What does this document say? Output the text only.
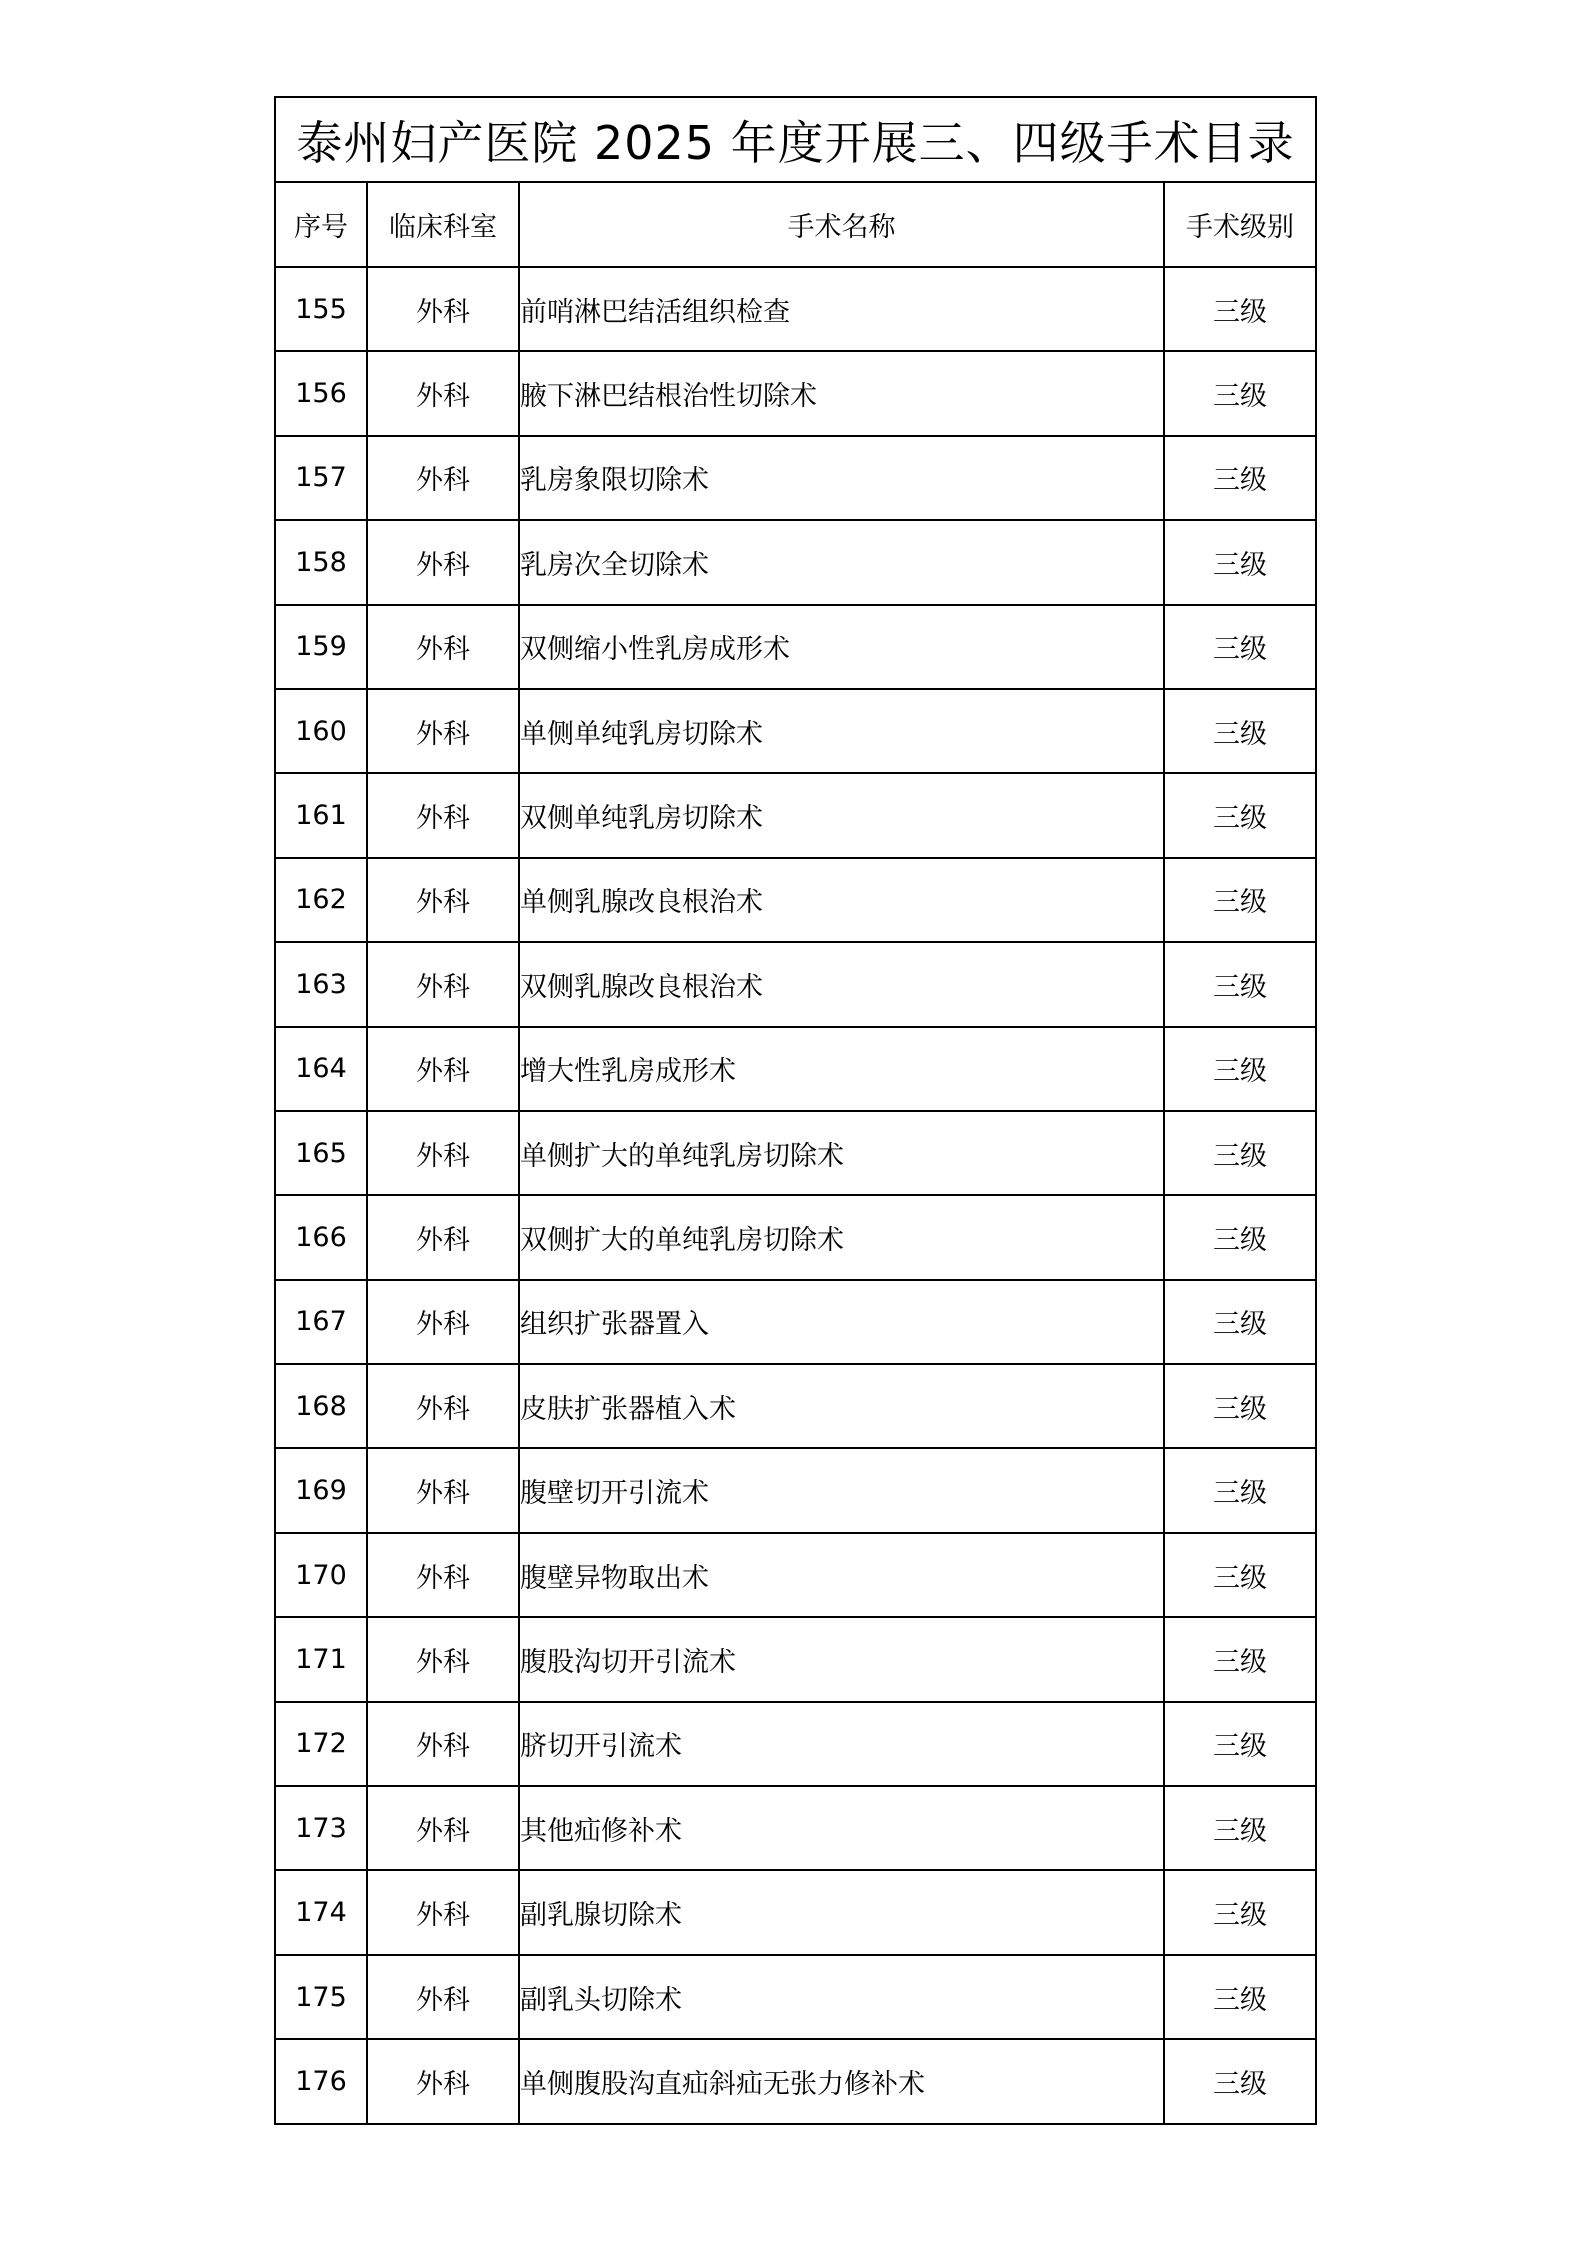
泰州妇产医院 2025 年度开展三、四级手术目录			
序号	临床科室	手术名称	手术级别
155	外科	前哨淋巴结活组织检查	三级
156	外科	腋下淋巴结根治性切除术	三级
157	外科	乳房象限切除术	三级
158	外科	乳房次全切除术	三级
159	外科	双侧缩小性乳房成形术	三级
160	外科	单侧单纯乳房切除术	三级
161	外科	双侧单纯乳房切除术	三级
162	外科	单侧乳腺改良根治术	三级
163	外科	双侧乳腺改良根治术	三级
164	外科	增大性乳房成形术	三级
165	外科	单侧扩大的单纯乳房切除术	三级
166	外科	双侧扩大的单纯乳房切除术	三级
167	外科	组织扩张器置入	三级
168	外科	皮肤扩张器植入术	三级
169	外科	腹壁切开引流术	三级
170	外科	腹壁异物取出术	三级
171	外科	腹股沟切开引流术	三级
172	外科	脐切开引流术	三级
173	外科	其他疝修补术	三级
174	外科	副乳腺切除术	三级
175	外科	副乳头切除术	三级
176	外科	单侧腹股沟直疝斜疝无张力修补术	三级
